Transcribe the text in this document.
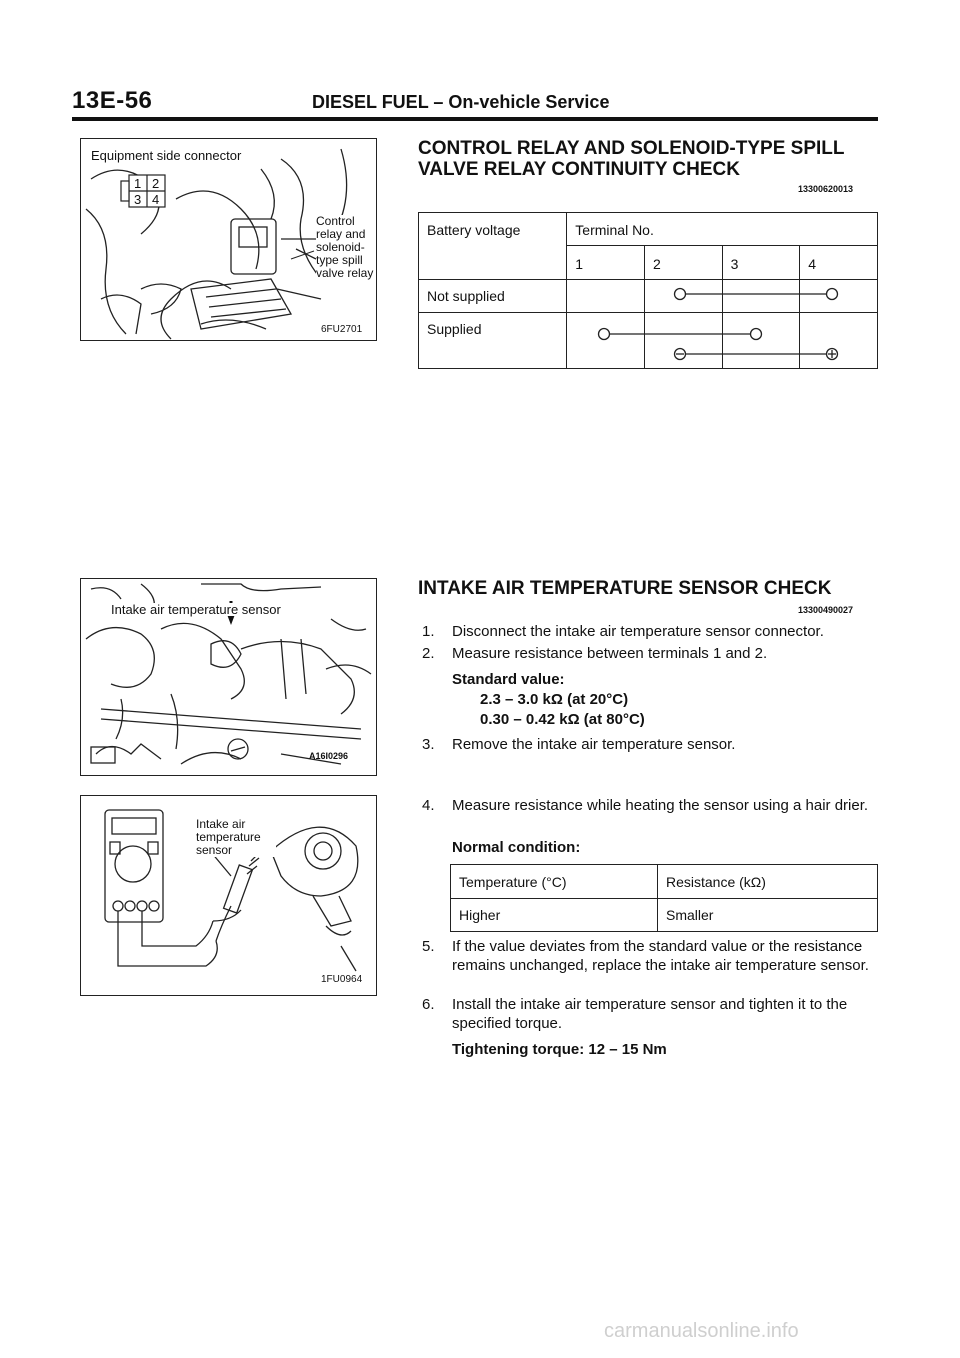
13E-56	DIESEL FUEL – On-vehicle Service
Equipment side connector
1 2
3 4
Control relay and solenoid-type spill valve relay
6FU2701
CONTROL RELAY AND SOLENOID-TYPE SPILL VALVE RELAY CONTINUITY CHECK
13300620013
Battery voltage	Terminal No.			
	1	2	3	4
Not supplied				
Supplied				
Intake air temperature sensor
A16I0296
Intake air temperature sensor
1FU0964
INTAKE AIR TEMPERATURE SENSOR CHECK
13300490027
1. Disconnect the intake air temperature sensor connector.
2. Measure resistance between terminals 1 and 2.
Standard value:
2.3 – 3.0 kΩ (at 20°C)
0.30 – 0.42 kΩ (at 80°C)
3. Remove the intake air temperature sensor.
4. Measure resistance while heating the sensor using a hair drier.
Normal condition:
Temperature (°C)	Resistance (kΩ)
Higher	Smaller
5. If the value deviates from the standard value or the resistance remains unchanged, replace the intake air temperature sensor.
6. Install the intake air temperature sensor and tighten it to the specified torque.
Tightening torque: 12 – 15 Nm
carmanualsonline.info
